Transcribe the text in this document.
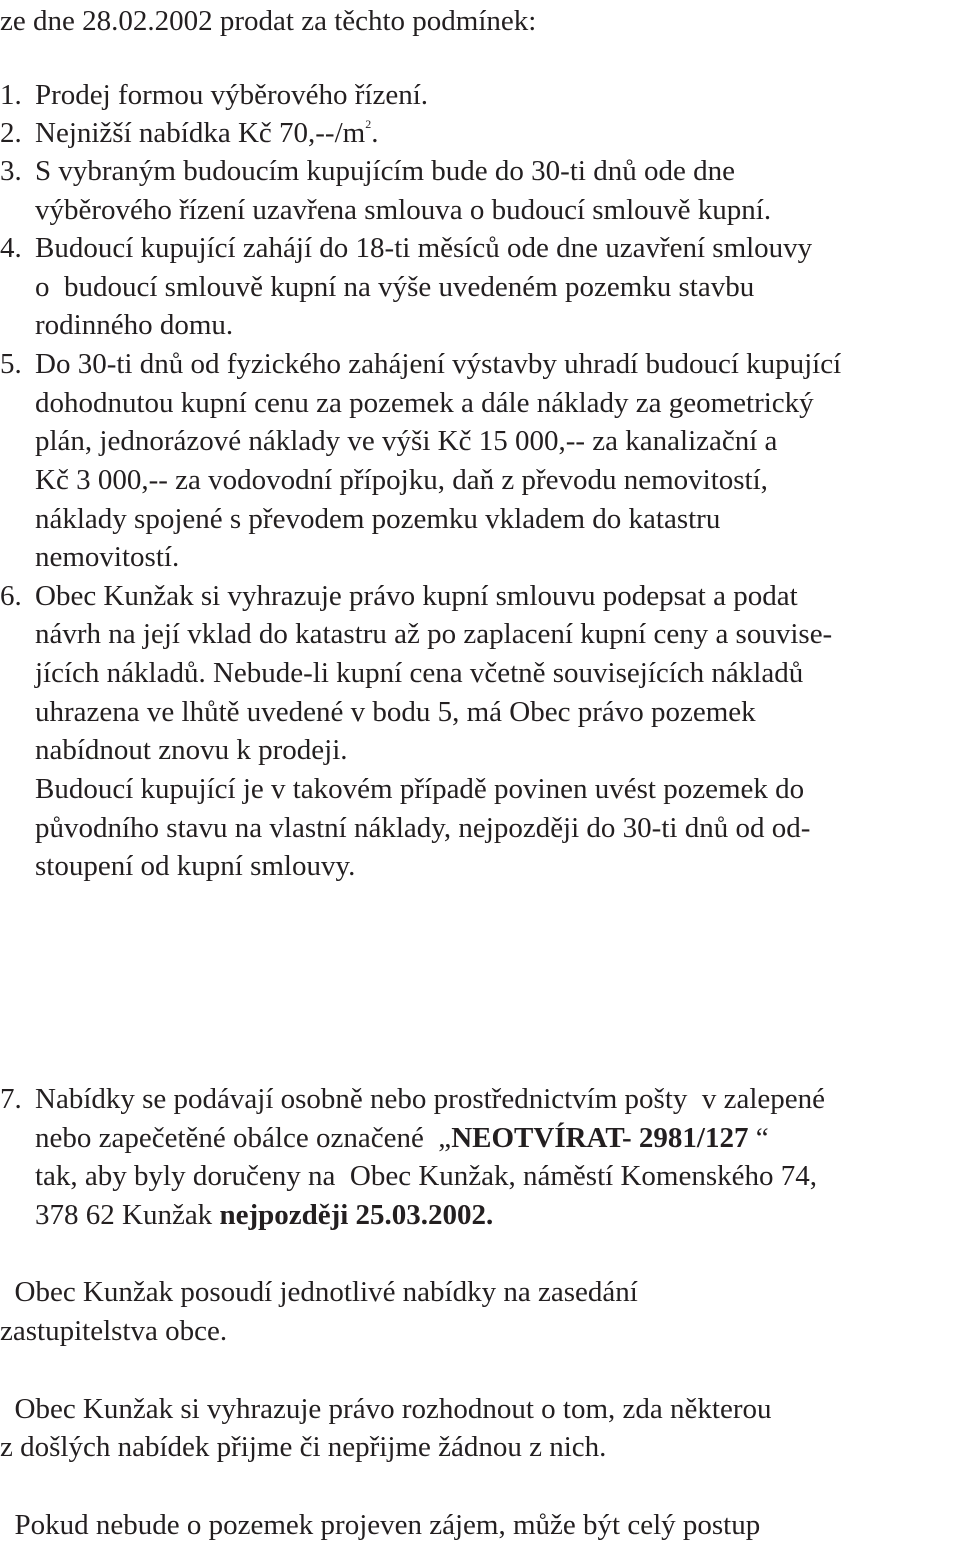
ze dne 28.02.2002 prodat za těchto podmínek:

1. Prodej formou výběrového řízení.

2. Nejnižší nabídka Kč $70,--/m^2$.

3. S vybraným budoucím kupujícím bude do 30-ti dnů ode dne

výběrového řízení uzavřena smlouva o budoucí smlouvě kupní.

4. Budoucí kupující zahájí do 18-ti měsíců ode dne uzavření smlouvy

o  budoucí smlouvě kupní na výše uvedeném pozemku stavbu

rodinného domu.

5. Do 30-ti dnů od fyzického zahájení výstavby uhradí budoucí kupující

dohodnutou kupní cenu za pozemek a dále náklady za geometrický

plán, jednorázové náklady ve výši Kč 15 000,-- za kanalizační a

Kč 3 000,-- za vodovodní přípojku, daň z převodu nemovitostí,

náklady spojené s převodem pozemku vkladem do katastru

nemovitostí.

6. Obec Kunžak si vyhrazuje právo kupní smlouvu podepsat a podat

návrh na její vklad do katastru až po zaplacení kupní ceny a souvise-

jících nákladů. Nebude-li kupní cena včetně souvisejících nákladů

uhrazena ve lhůtě uvedené v bodu 5, má Obec právo pozemek

nabídnout znovu k prodeji.

Budoucí kupující je v takovém případě povinen uvést pozemek do

původního stavu na vlastní náklady, nejpozději do 30-ti dnů od od-

stoupení od kupní smlouvy.

7. Nabídky se podávají osobně nebo prostřednictvím pošty  v zalepené

nebo zapečetěné obálce označené  „NEOTVÍRAT- 2981/127 “

tak, aby byly doručeny na  Obec Kunžak, náměstí Komenského 74,

378 62 Kunžak nejpozději 25.03.2002.

Obec Kunžak posoudí jednotlivé nabídky na zasedání

zastupitelstva obce.

Obec Kunžak si vyhrazuje právo rozhodnout o tom, zda některou

z došlých nabídek přijme či nepřijme žádnou z nich.

Pokud nebude o pozemek projeven zájem, může být celý postup
